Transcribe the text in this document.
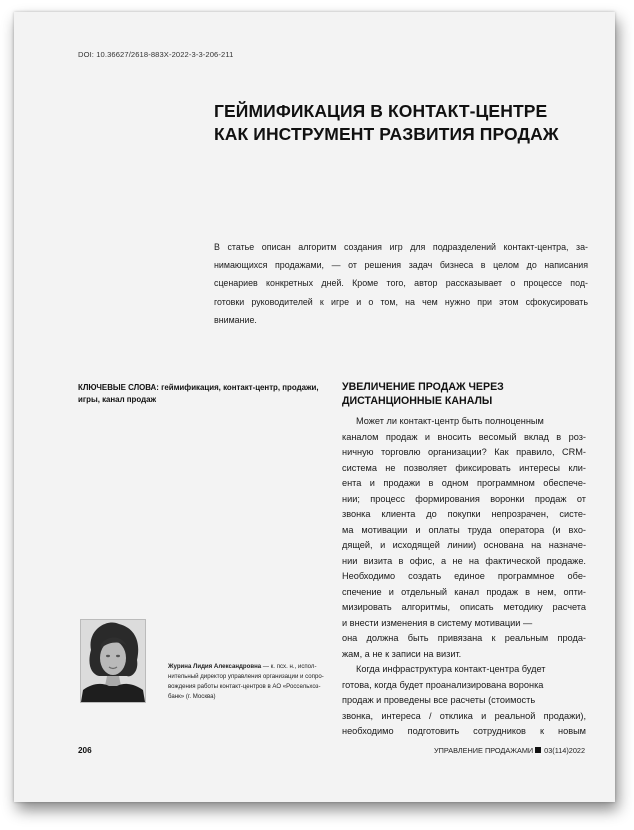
DOI: 10.36627/2618-883X-2022-3-3-206-211
ГЕЙМИФИКАЦИЯ В КОНТАКТ-ЦЕНТРЕ
КАК ИНСТРУМЕНТ РАЗВИТИЯ ПРОДАЖ
В статье описан алгоритм создания игр для подразделений контакт-центра, за-
нимающихся продажами, — от решения задач бизнеса в целом до написания
сценариев конкретных дней. Кроме того, автор рассказывает о процессе под-
готовки руководителей к игре и о том, на чем нужно при этом сфокусировать
внимание.
КЛЮЧЕВЫЕ СЛОВА: геймификация, контакт-центр, продажи,
игры, канал продаж
УВЕЛИЧЕНИЕ ПРОДАЖ ЧЕРЕЗ
ДИСТАНЦИОННЫЕ КАНАЛЫ
Может ли контакт-центр быть полноценным
каналом продаж и вносить весомый вклад в роз-
ничную торговлю организации? Как правило, CRM-
система не позволяет фиксировать интересы кли-
ента и продажи в одном программном обеспече-
нии; процесс формирования воронки продаж от
звонка клиента до покупки непрозрачен, систе-
ма мотивации и оплаты труда оператора (и вхо-
дящей, и исходящей линии) основана на назначе-
нии визита в офис, а не на фактической продаже.
Необходимо создать единое программное обе-
спечение и отдельный канал продаж в нем, опти-
мизировать алгоритмы, описать методику расчета
и внести изменения в систему мотивации —
она должна быть привязана к реальным прода-
жам, а не к записи на визит.
Когда инфраструктура контакт-центра будет
готова, когда будет проанализирована воронка
продаж и проведены все расчеты (стоимость
звонка, интереса / отклика и реальной продажи),
необходимо подготовить сотрудников к новым
Журина Лидия Александровна — к. псх. н., испол-
нительный директор управления организации и сопро-
вождения работы контакт-центров в АО «Россельхоз-
банк» (г. Москва)
206	УПРАВЛЕНИЕ ПРОДАЖАМИ 03(114)2022
